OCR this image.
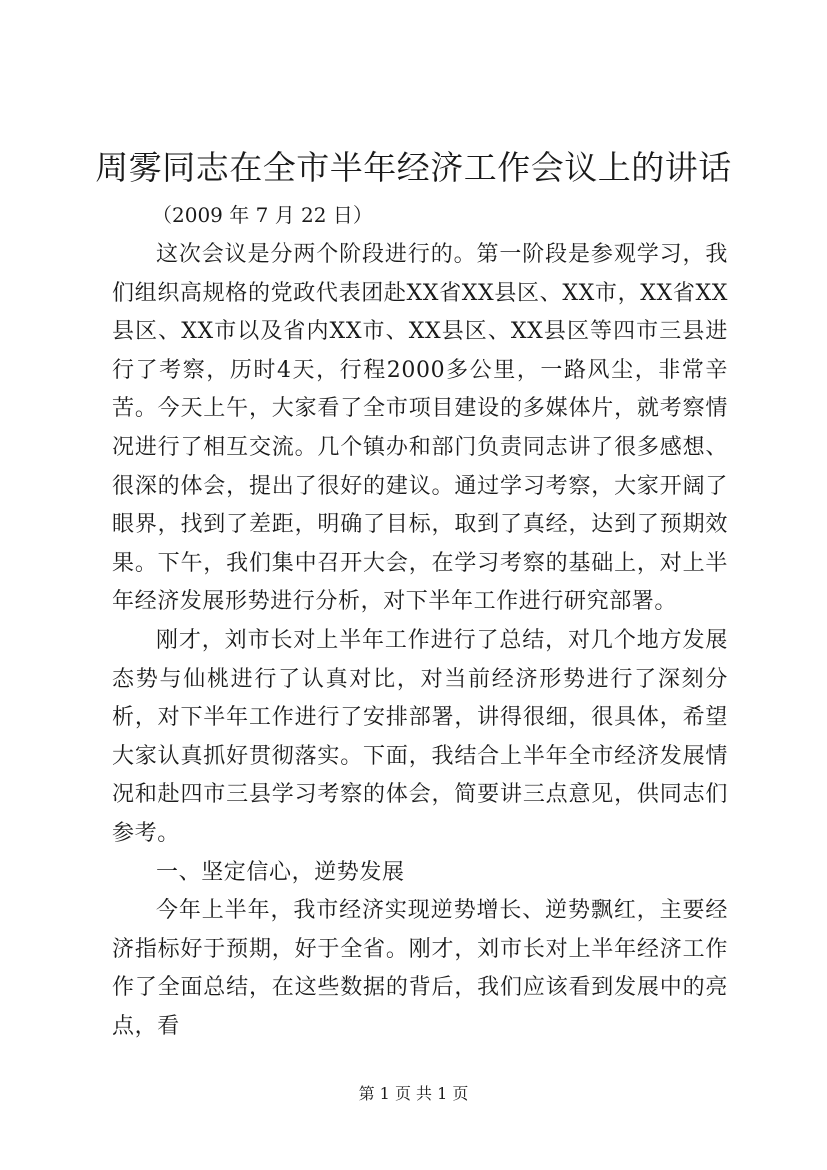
周雾同志在全市半年经济工作会议上的讲话

（2009 年 7 月 22 日）

这次会议是分两个阶段进行的。第一阶段是参观学习，我们组织高规格的党政代表团赴XX省XX县区、XX市，XX省XX县区、XX市以及省内XX市、XX县区、XX县区等四市三县进行了考察，历时4天，行程2000多公里，一路风尘，非常辛苦。今天上午，大家看了全市项目建设的多媒体片，就考察情况进行了相互交流。几个镇办和部门负责同志讲了很多感想、很深的体会，提出了很好的建议。通过学习考察，大家开阔了眼界，找到了差距，明确了目标，取到了真经，达到了预期效果。下午，我们集中召开大会，在学习考察的基础上，对上半年经济发展形势进行分析，对下半年工作进行研究部署。

刚才，刘市长对上半年工作进行了总结，对几个地方发展态势与仙桃进行了认真对比，对当前经济形势进行了深刻分析，对下半年工作进行了安排部署，讲得很细，很具体，希望大家认真抓好贯彻落实。下面，我结合上半年全市经济发展情况和赴四市三县学习考察的体会，简要讲三点意见，供同志们参考。

一、坚定信心，逆势发展

今年上半年，我市经济实现逆势增长、逆势飘红，主要经济指标好于预期，好于全省。刚才，刘市长对上半年经济工作作了全面总结，在这些数据的背后，我们应该看到发展中的亮点，看

第 1 页 共 1 页
